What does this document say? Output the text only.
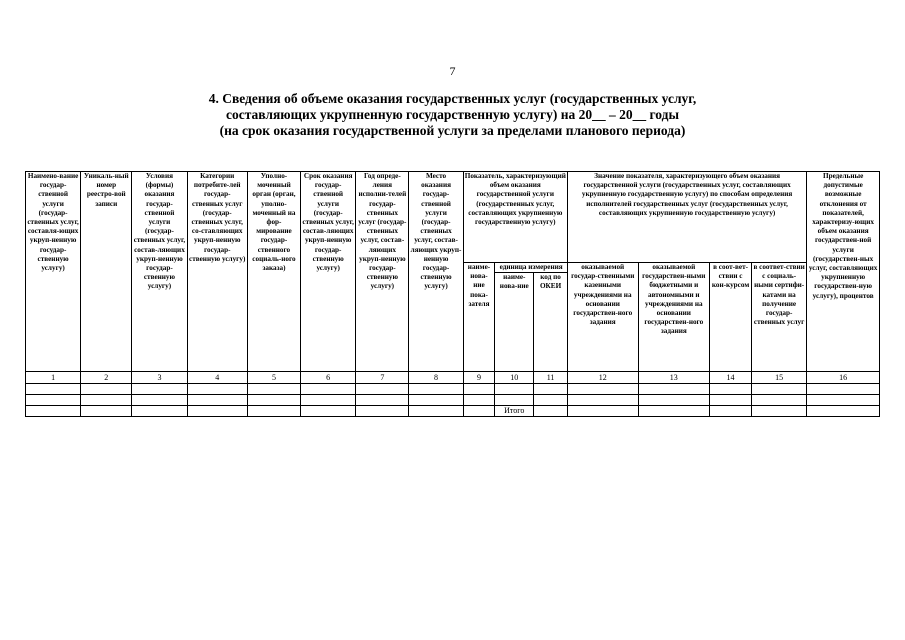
7
4. Сведения об объеме оказания государственных услуг (государственных услуг,
составляющих укрупненную государственную услугу) на 20__ – 20__ годы
(на срок оказания государственной услуги за пределами планового периода)
Наимено-вание государ-ственной услуги (государ-ственных услуг, составля-ющих укруп-ненную государ-ственную услугу)	Уникаль-ный номер реестро-вой записи	Условия (формы) оказания государ-ственной услуги (государ-ственных услуг, состав-ляющих укруп-ненную государ-ственную услугу)	Категории потребите-лей государ-ственных услуг (государ-ственных услуг, со-ставляющих укруп-ненную государ-ственную услугу)	Уполно-моченный орган (орган, уполно-моченный на фор-мирование государ-ственного социаль-ного заказа)	Срок оказания государ-ственной услуги (государ-ственных услуг, состав-ляющих укруп-ненную государ-ственную услугу)	Год опреде-ления исполни-телей государ-ственных услуг (государ-ственных услуг, состав-ляющих укруп-ненную государ-ственную услугу)	Место оказания государ-ственной услуги (государ-ственных услуг, состав-ляющих укруп-ненную государ-ственную услугу)	Показатель, характеризующий объем оказания государственной услуги (государственных услуг, составляющих укрупненную государственную услугу)			Значение показателя, характеризующего объем оказания государственной услуги (государственных услуг, составляющих укрупненную государственную услугу) по способам определения исполнителей государственных услуг (государственных услуг, составляющих укрупненную государственную услугу)				Предельные допустимые возможные отклонения от показателей, характеризу-ющих объем оказания государствен-ной услуги (государствен-ных услуг, составляющих укрупненную государствен-ную услугу), процентов
								наиме-нова-ние пока-зателя	единица измерения		оказываемой государ-ственными казенными учреждениями на основании государствен-ного задания	оказываемой государствен-ными бюджетными и автономными и учреждениями на основании государствен-ного задания	в соот-вет-ствии с кон-курсом	в соответ-ствии с социаль-ными сертифи-катами на получение государ-ственных услуг	
									наиме-нова-ние	код по ОКЕИ					
1	2	3	4	5	6	7	8	9	10	11	12	13	14	15	16

									Итого						
